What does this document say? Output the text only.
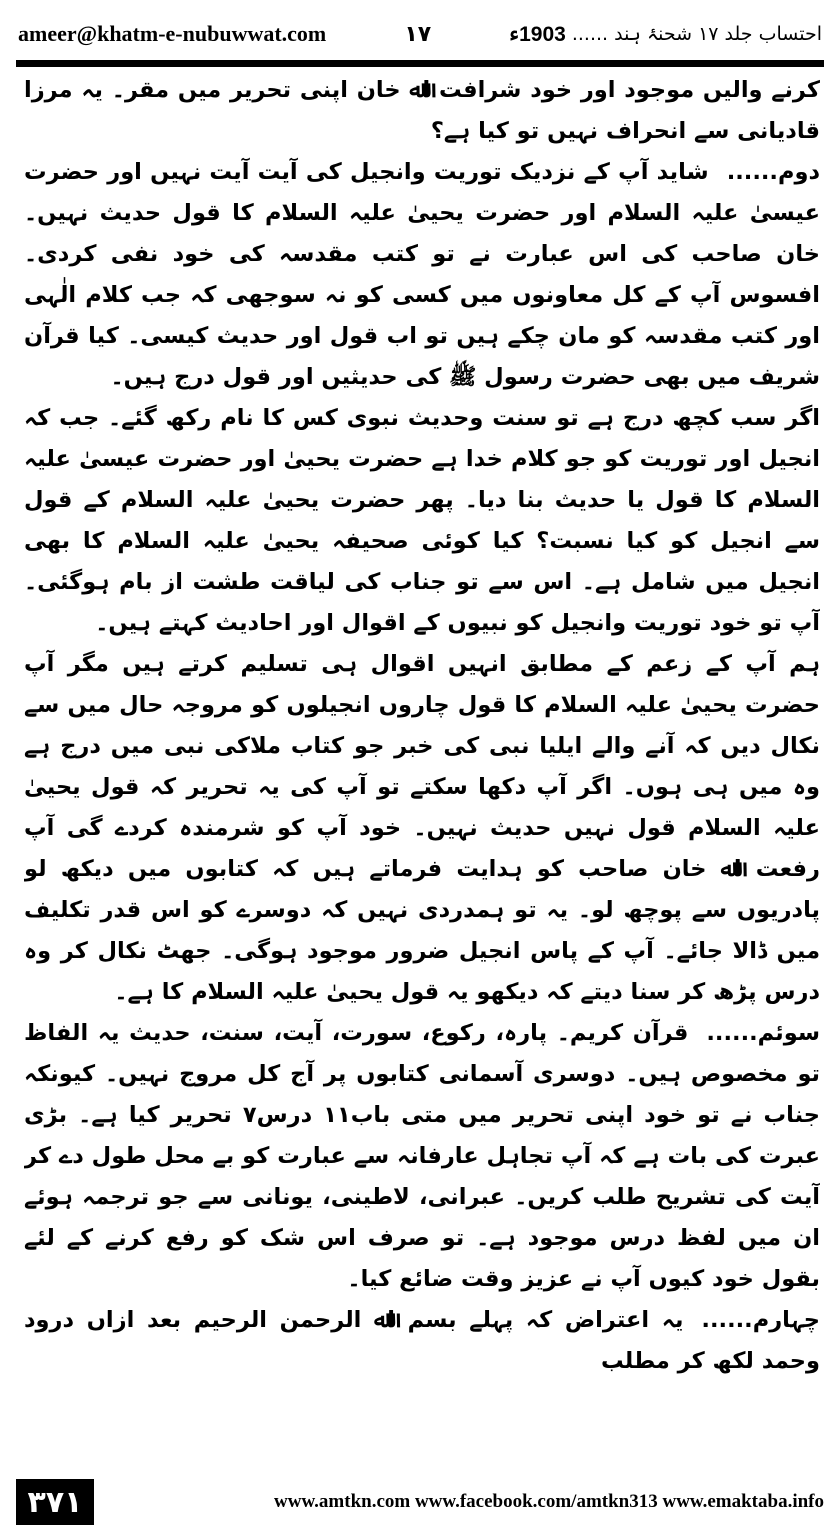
ameer@khatm-e-nubuwwat.com	۱۷	احتساب جلد ۱۷ شحنۂ ہند
......
1903ء

کرنے والیں موجود اور خود شرافت اﷲ خان اپنی تحریر میں مقر۔ یہ مرزا قادیانی سے انحراف نہیں تو کیا ہے؟

دوم......شاید آپ کے نزدیک توریت وانجیل کی آیت آیت نہیں اور حضرت عیسیٰ علیہ السلام اور حضرت یحییٰ علیہ السلام کا قول حدیث نہیں۔ خان صاحب کی اس عبارت نے تو کتب مقدسہ کی خود نفی کردی۔ افسوس آپ کے کل معاونوں میں کسی کو نہ سوجھی کہ جب کلام الٰہی اور کتب مقدسہ کو مان چکے ہیں تو اب قول اور حدیث کیسی۔ کیا قرآن شریف میں بھی حضرت رسول ﷺ کی حدیثیں اور قول درج ہیں۔

اگر سب کچھ درج ہے تو سنت وحدیث نبوی کس کا نام رکھ گئے۔ جب کہ انجیل اور توریت کو جو کلام خدا ہے حضرت یحییٰ اور حضرت عیسیٰ علیہ السلام کا قول یا حدیث بنا دیا۔ پھر حضرت یحییٰ علیہ السلام کے قول سے انجیل کو کیا نسبت؟ کیا کوئی صحیفہ یحییٰ علیہ السلام کا بھی انجیل میں شامل ہے۔ اس سے تو جناب کی لیاقت طشت از بام ہوگئی۔ آپ تو خود توریت وانجیل کو نبیوں کے اقوال اور احادیث کہتے ہیں۔

ہم آپ کے زعم کے مطابق انہیں اقوال ہی تسلیم کرتے ہیں مگر آپ حضرت یحییٰ علیہ السلام کا قول چاروں انجیلوں کو مروجہ حال میں سے نکال دیں کہ آنے والے ایلیا نبی کی خبر جو کتاب ملاکی نبی میں درج ہے وہ میں ہی ہوں۔ اگر آپ دکھا سکتے تو آپ کی یہ تحریر کہ قول یحییٰ علیہ السلام قول نہیں حدیث نہیں۔ خود آپ کو شرمندہ کردے گی آپ رفعت اﷲ خان صاحب کو ہدایت فرماتے ہیں کہ کتابوں میں دیکھ لو پادریوں سے پوچھ لو۔ یہ تو ہمدردی نہیں کہ دوسرے کو اس قدر تکلیف میں ڈالا جائے۔ آپ کے پاس انجیل ضرور موجود ہوگی۔ جھٹ نکال کر وہ درس پڑھ کر سنا دیتے کہ دیکھو یہ قول یحییٰ علیہ السلام کا ہے۔

سوئم......قرآن کریم۔ پارہ، رکوع، سورت، آیت، سنت، حدیث یہ الفاظ تو مخصوص ہیں۔ دوسری آسمانی کتابوں پر آج کل مروج نہیں۔ کیونکہ جناب نے تو خود اپنی تحریر میں متی باب۱۱ درس۷ تحریر کیا ہے۔ بڑی عبرت کی بات ہے کہ آپ تجاہل عارفانہ سے عبارت کو بے محل طول دے کر آیت کی تشریح طلب کریں۔ عبرانی، لاطینی، یونانی سے جو ترجمہ ہوئے ان میں لفظ درس موجود ہے۔ تو صرف اس شک کو رفع کرنے کے لئے بقول خود کیوں آپ نے عزیز وقت ضائع کیا۔

چہارم......یہ اعتراض کہ پہلے بسم اﷲ الرحمن الرحیم بعد ازاں درود وحمد لکھ کر مطلب

۳۷۱	www.amtkn.com www.facebook.com/amtkn313 www.emaktaba.info
